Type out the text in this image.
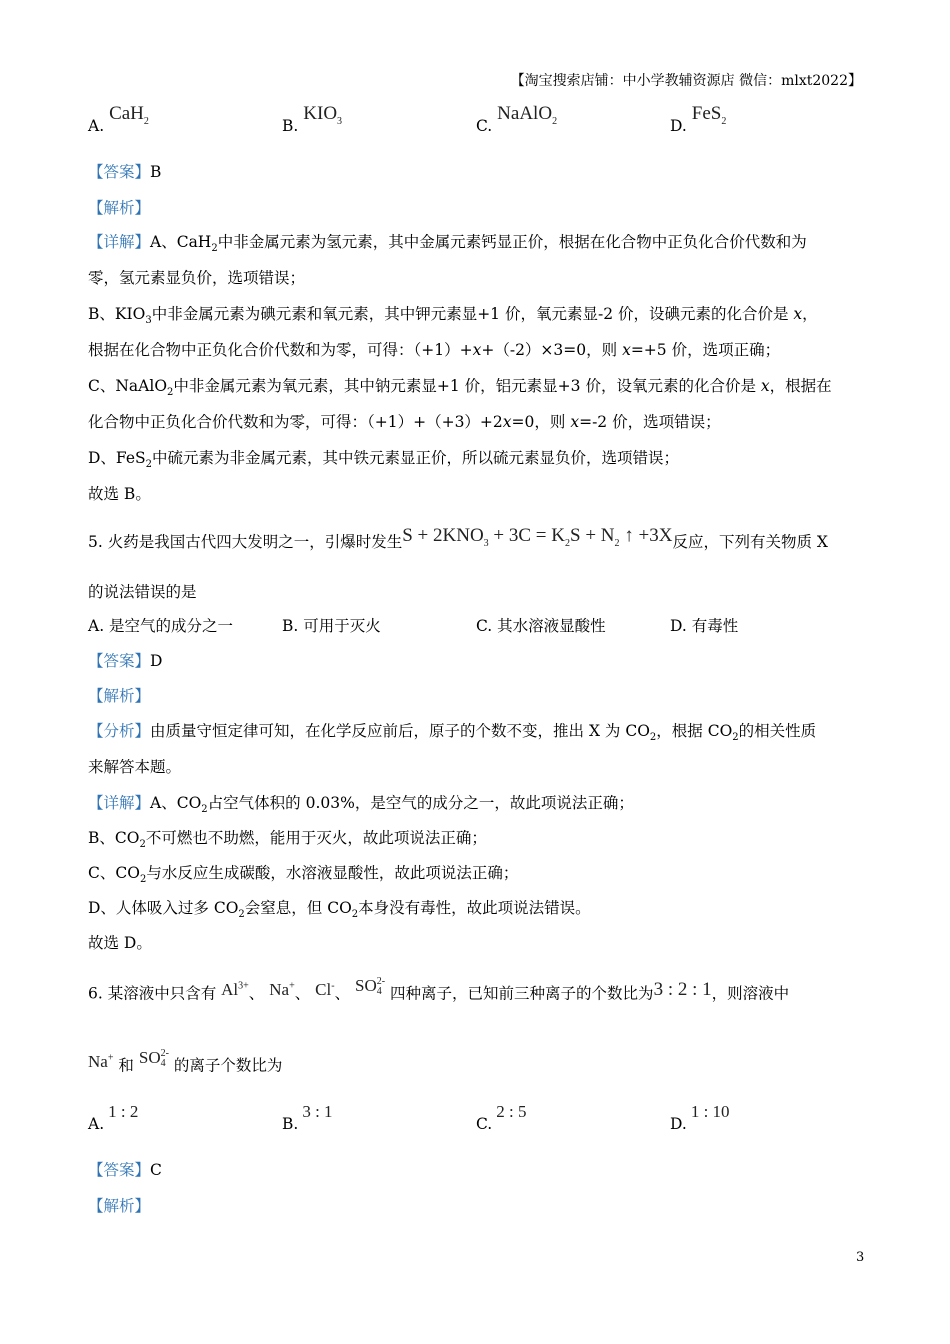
【淘宝搜索店铺：中小学教辅资源店 微信：mlxt2022】
A. CaH$_2$	B. $KIO_3$	C. NaAlO$_2$	D. FeS$_2$
【答案】B
【解析】
【详解】A、CaH$_2$中非金属元素为氢元素，其中金属元素钙显正价，根据在化合物中正负化合价代数和为
零，氢元素显负价，选项错误；
B、$KIO_3$中非金属元素为碘元素和氧元素，其中钾元素显+1 价，氧元素显-2 价，设碘元素的化合价是 x，
根据在化合物中正负化合价代数和为零，可得：（+1）+x+（-2）×3=0，则 x=+5 价，选项正确；
C、NaAlO$_2$中非金属元素为氧元素，其中钠元素显+1 价，铝元素显+3 价，设氧元素的化合价是 x，根据在
化合物中正负化合价代数和为零，可得：（+1）+（+3）+2x=0，则 x=-2 价，选项错误；
D、FeS$_2$中硫元素为非金属元素，其中铁元素显正价，所以硫元素显负价，选项错误；
故选 B。
5. 火药是我国古代四大发明之一，引爆时发生$S + 2KNO_3 + 3C = K_2S + N_2$ ↑ +3X反应，下列有关物质 X
的说法错误的是
A. 是空气的成分之一	B. 可用于灭火	C. 其水溶液显酸性	D. 有毒性
【答案】D
【解析】
【分析】由质量守恒定律可知，在化学反应前后，原子的个数不变，推出 X 为 $CO_2$，根据 $CO_2$的相关性质
来解答本题。
【详解】A、$CO_2$占空气体积的 0.03%，是空气的成分之一，故此项说法正确；
B、$CO_2$不可燃也不助燃，能用于灭火，故此项说法正确；
C、$CO_2$与水反应生成碳酸，水溶液显酸性，故此项说法正确；
D、人体吸入过多 $CO_2$会窒息，但 $CO_2$本身没有毒性，故此项说法错误。
故选 D。
6. 某溶液中只含有 $Al^{3+}$、 Na+、 Cl-、 SO 2-
4 四种离子，已知前三种离子的个数比为3 : 2 : 1，则溶液中
Na+ 和 SO 2-
4 的离子个数比为
A.1 : 2
B.3 : 1
C.2 : 5
D.1 : 10
【答案】C
【解析】
3
